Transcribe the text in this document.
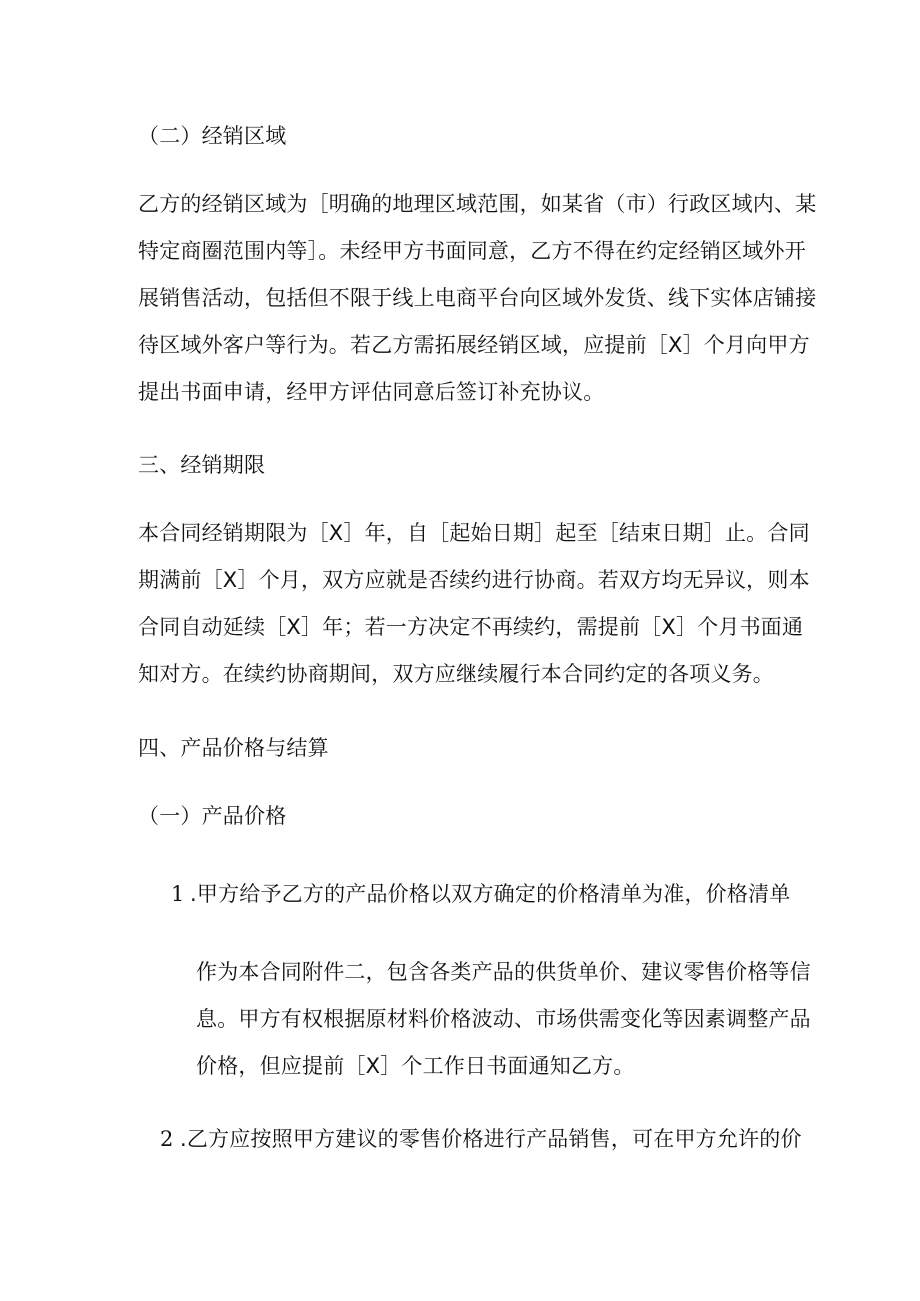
（二）经销区域
乙方的经销区域为［明确的地理区域范围，如某省（市）行政区域内、某
特定商圈范围内等］。未经甲方书面同意，乙方不得在约定经销区域外开
展销售活动，包括但不限于线上电商平台向区域外发货、线下实体店铺接
待区域外客户等行为。若乙方需拓展经销区域，应提前［X］个月向甲方
提出书面申请，经甲方评估同意后签订补充协议。
三、经销期限
本合同经销期限为［X］年，自［起始日期］起至［结束日期］止。合同
期满前［X］个月，双方应就是否续约进行协商。若双方均无异议，则本
合同自动延续［X］年；若一方决定不再续约，需提前［X］个月书面通
知对方。在续约协商期间，双方应继续履行本合同约定的各项义务。
四、产品价格与结算
（一）产品价格
1 .甲方给予乙方的产品价格以双方确定的价格清单为准，价格清单
作为本合同附件二，包含各类产品的供货单价、建议零售价格等信
息。甲方有权根据原材料价格波动、市场供需变化等因素调整产品
价格，但应提前［X］个工作日书面通知乙方。
2 .乙方应按照甲方建议的零售价格进行产品销售，可在甲方允许的价
